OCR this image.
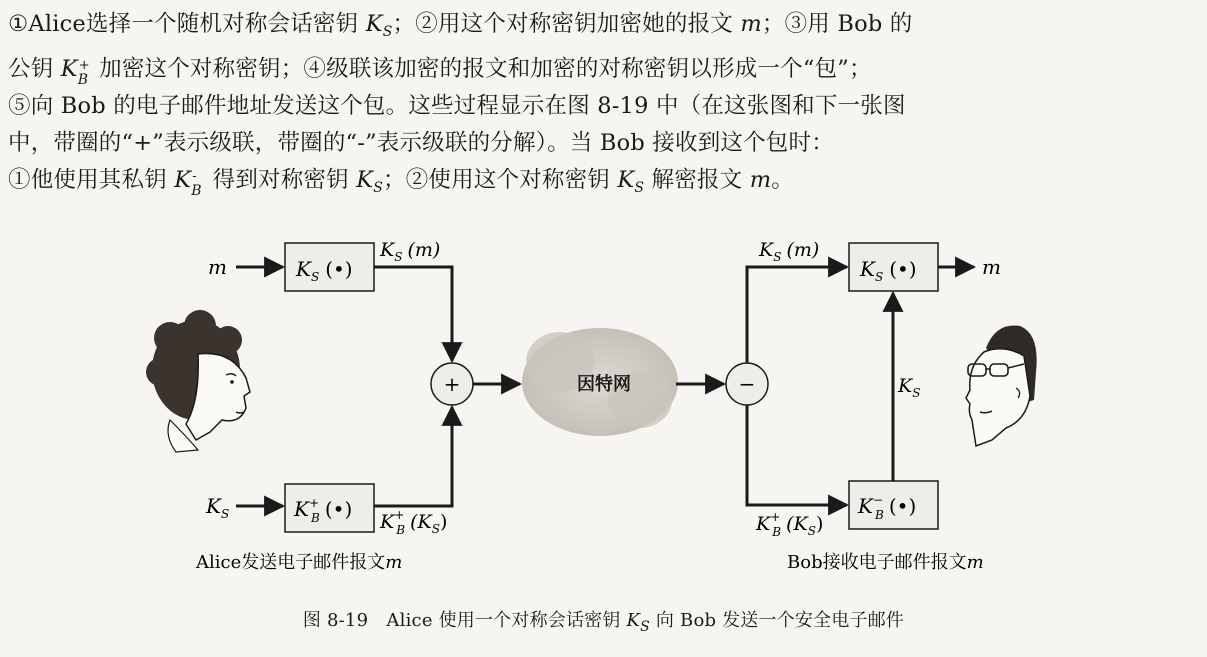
①Alice选择一个随机对称会话密钥 $K_S$；②用这个对称密钥加密她的报文 m；③用 Bob 的
公钥 K +
B 加密这个对称密钥；④级联该加密的报文和加密的对称密钥以形成一个“包”；
⑤向 Bob 的电子邮件地址发送这个包。这些过程显示在图 8-19 中（在这张图和下一张图
中，带圈的“+”表示级联，带圈的“-”表示级联的分解）。当 Bob 接收到这个包时：
①他使用其私钥 K -
B 得到对称密钥 $K_S$；②使用这个对称密钥 $K_S$ 解密报文 m。
因特网
$K_S$ (•)
K+ B (•)
$K_S$ (•)
K− B (•)
+	−
m
$K_S$
$K_S$ (m)
K+ B $(K_S)$
$K_S$ (m)
m
$K_S$
K+ B $(K_S)$
Alice发送电子邮件报文m	Bob接收电子邮件报文m
图 8-19　Alice 使用一个对称会话密钥 $K_S$ 向 Bob 发送一个安全电子邮件
